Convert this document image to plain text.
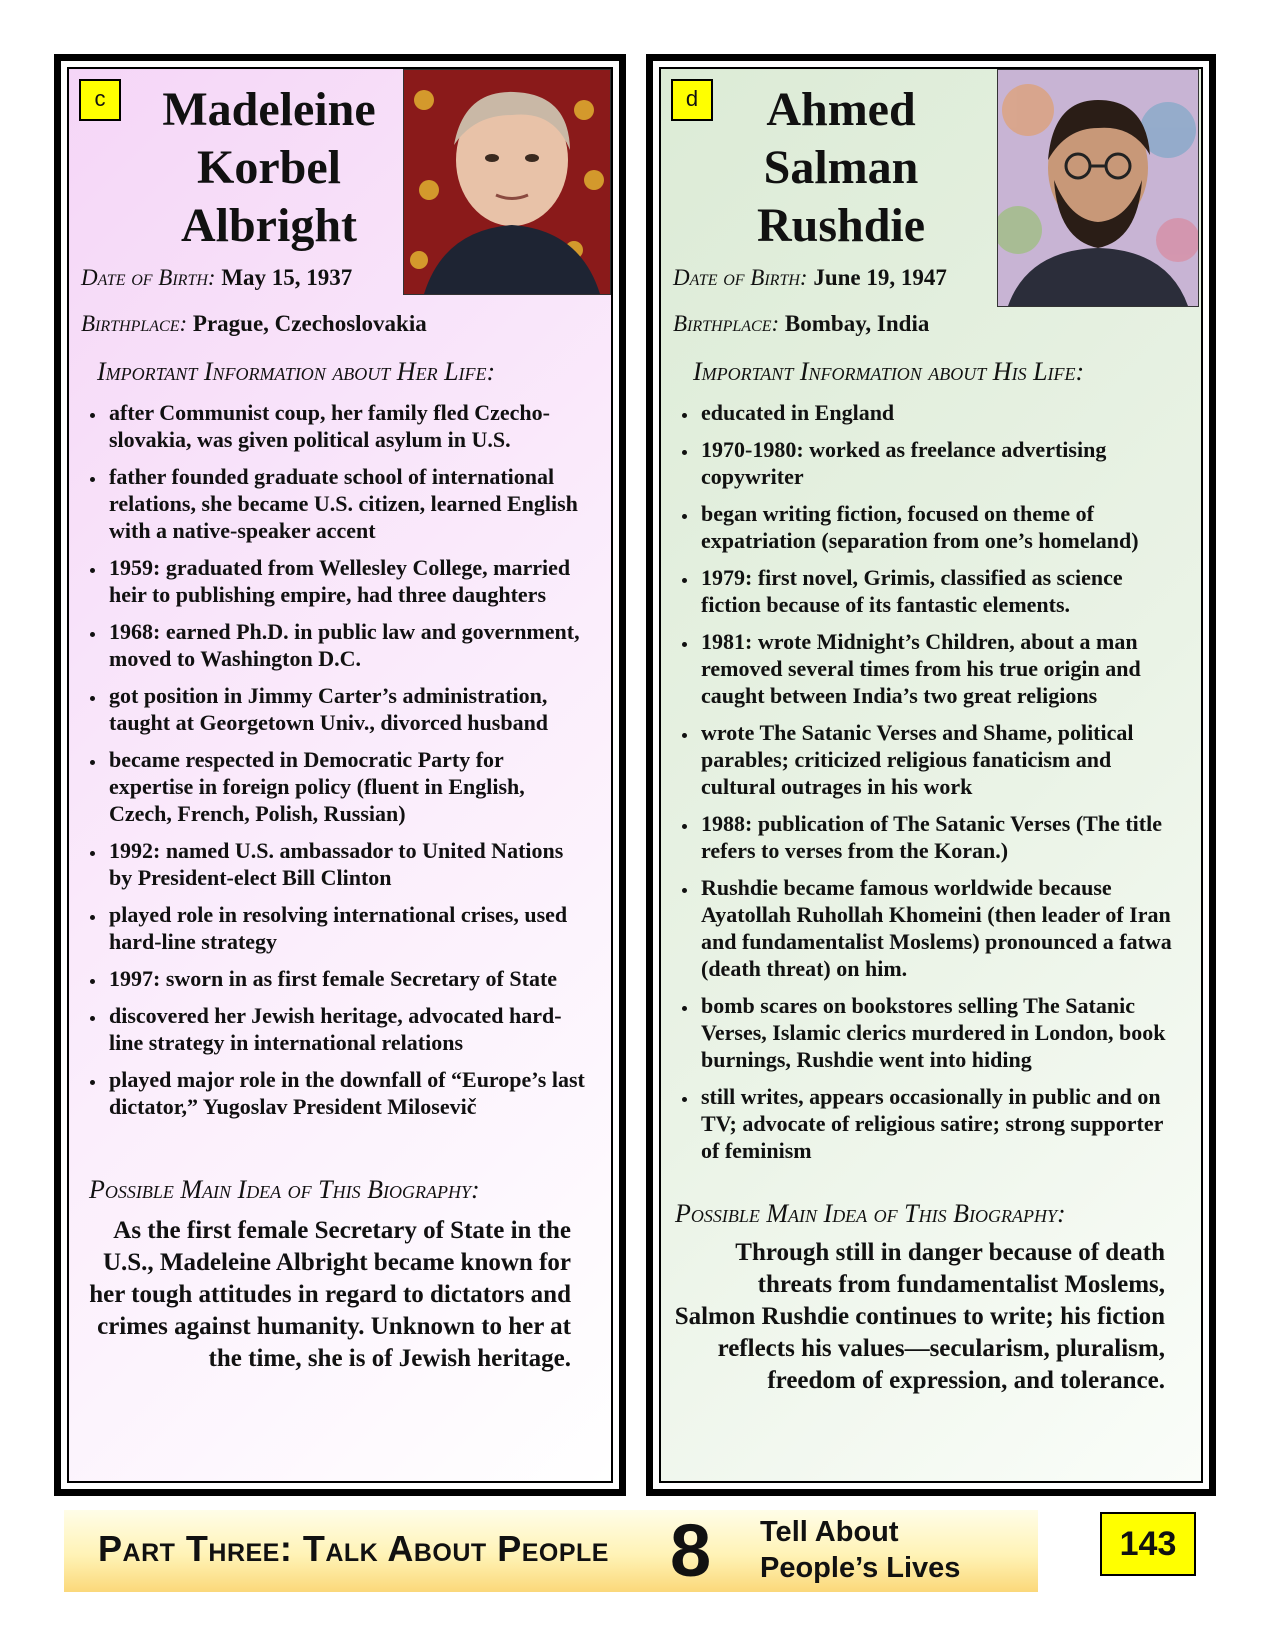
c	Madeleine
Korbel
Albright
Date of Birth: May 15, 1937
Birthplace: Prague, Czechoslovakia
Important Information about Her Life:
• after Communist coup, her family fled Czecho-slovakia, was given political asylum in U.S.
• father founded graduate school of international relations, she became U.S. citizen, learned English with a native-speaker accent
• 1959: graduated from Wellesley College, married heir to publishing empire, had three daughters
• 1968: earned Ph.D. in public law and government, moved to Washington D.C.
• got position in Jimmy Carter’s administration, taught at Georgetown Univ., divorced husband
• became respected in Democratic Party for expertise in foreign policy (fluent in English, Czech, French, Polish, Russian)
• 1992: named U.S. ambassador to United Nations by President-elect Bill Clinton
• played role in resolving international crises, used hard-line strategy
• 1997: sworn in as first female Secretary of State
• discovered her Jewish heritage, advocated hard-line strategy in international relations
• played major role in the downfall of “Europe’s last dictator,” Yugoslav President Milosevič
Possible Main Idea of This Biography:
As the first female Secretary of State in the U.S., Madeleine Albright became known for her tough attitudes in regard to dictators and crimes against humanity. Unknown to her at the time, she is of Jewish heritage.
d	Ahmed
Salman
Rushdie
Date of Birth: June 19, 1947
Birthplace: Bombay, India
Important Information about His Life:
• educated in England
• 1970-1980: worked as freelance advertising copywriter
• began writing fiction, focused on theme of expatriation (separation from one’s homeland)
• 1979: first novel, Grimis, classified as science fiction because of its fantastic elements.
• 1981: wrote Midnight’s Children, about a man removed several times from his true origin and caught between India’s two great religions
• wrote The Satanic Verses and Shame, political parables; criticized religious fanaticism and cultural outrages in his work
• 1988: publication of The Satanic Verses (The title refers to verses from the Koran.)
• Rushdie became famous worldwide because Ayatollah Ruhollah Khomeini (then leader of Iran and fundamentalist Moslems) pronounced a fatwa (death threat) on him.
• bomb scares on bookstores selling The Satanic Verses, Islamic clerics murdered in London, book burnings, Rushdie went into hiding
• still writes, appears occasionally in public and on TV; advocate of religious satire; strong supporter of feminism
Possible Main Idea of This Biography:
Through still in danger because of death threats from fundamentalist Moslems, Salmon Rushdie continues to write; his fiction reflects his values—secularism, pluralism, freedom of expression, and tolerance.
Part Three: Talk About People 8 Tell About
People’s Lives
143
